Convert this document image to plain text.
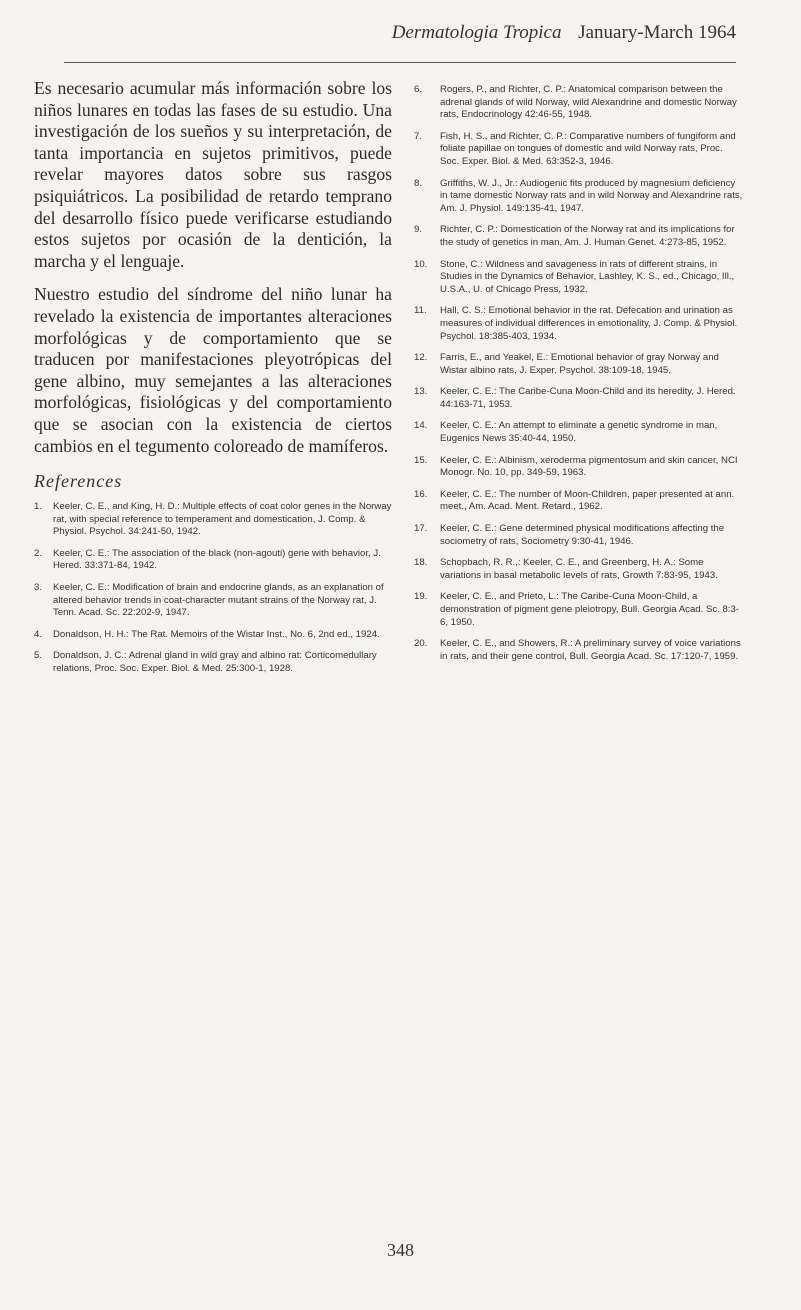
Dermatologia Tropica January-March 1964

Es necesario acumular más información sobre los niños lunares en todas las fases de su estudio. Una investigación de los sueños y su interpretación, de tanta importancia en sujetos primitivos, puede revelar mayores datos sobre sus rasgos psiquiátricos. La posibilidad de retardo temprano del desarrollo físico puede verificarse estudiando estos sujetos por ocasión de la dentición, la marcha y el lenguaje.

Nuestro estudio del síndrome del niño lunar ha revelado la existencia de importantes alteraciones morfológicas y de comportamiento que se traducen por manifestaciones pleyotrópicas del gene albino, muy semejantes a las alteraciones morfológicas, fisiológicas y del comportamiento que se asocian con la existencia de ciertos cambios en el tegumento coloreado de mamíferos.

References
1.	Keeler, C. E., and King, H. D.: Multiple effects of coat color genes in the Norway rat, with special reference to temperament and domestication, J. Comp. & Physiol. Psychol. 34:241-50, 1942.
2.	Keeler, C. E.: The association of the black (non-agouti) gene with behavior, J. Hered. 33:371-84, 1942.
3.	Keeler, C. E.: Modification of brain and endocrine glands, as an explanation of altered behavior trends in coat-character mutant strains of the Norway rat, J. Tenn. Acad. Sc. 22:202-9, 1947.
4.	Donaldson, H. H.: The Rat. Memoirs of the Wistar Inst., No. 6, 2nd ed., 1924.
5.	Donaldson, J. C.: Adrenal gland in wild gray and albino rat: Corticomedullary relations, Proc. Soc. Exper. Biol. & Med. 25:300-1, 1928.
6.	Rogers, P., and Richter, C. P.: Anatomical comparison between the adrenal glands of wild Norway, wild Alexandrine and domestic Norway rats, Endocrinology 42:46-55, 1948.
7.	Fish, H. S., and Richter, C. P.: Comparative numbers of fungiform and foliate papillae on tongues of domestic and wild Norway rats, Proc. Soc. Exper. Biol. & Med. 63:352-3, 1946.
8.	Griffiths, W. J., Jr.: Audiogenic fits produced by magnesium deficiency in tame domestic Norway rats and in wild Norway and Alexandrine rats, Am. J. Physiol. 149:135-41, 1947.
9.	Richter, C. P.: Domestication of the Norway rat and its implications for the study of genetics in man, Am. J. Human Genet. 4:273-85, 1952.
10.	Stone, C.: Wildness and savageness in rats of different strains, in Studies in the Dynamics of Behavior, Lashley, K. S., ed., Chicago, Ill., U.S.A., U. of Chicago Press, 1932.
11.	Hall, C. S.: Emotional behavior in the rat. Defecation and urination as measures of individual differences in emotionality, J. Comp. & Physiol. Psychol. 18:385-403, 1934.
12.	Farris, E., and Yeakel, E.: Emotional behavior of gray Norway and Wistar albino rats, J. Exper. Psychol. 38:109-18, 1945.
13.	Keeler, C. E.: The Caribe-Cuna Moon-Child and its heredity, J. Hered. 44:163-71, 1953.
14.	Keeler, C. E.: An attempt to eliminate a genetic syndrome in man, Eugenics News 35:40-44, 1950.
15.	Keeler, C. E.: Albinism, xeroderma pigmentosum and skin cancer, NCI Monogr. No. 10, pp. 349-59, 1963.
16.	Keeler, C. E.: The number of Moon-Children, paper presented at ann. meet., Am. Acad. Ment. Retard., 1962.
17.	Keeler, C. E.: Gene determined physical modifications affecting the sociometry of rats, Sociometry 9:30-41, 1946.
18.	Schopbach, R. R.,: Keeler, C. E., and Greenberg, H. A.: Some variations in basal metabolic levels of rats, Growth 7:83-95, 1943.
19.	Keeler, C. E., and Prieto, L.: The Caribe-Cuna Moon-Child, a demonstration of pigment gene pleiotropy, Bull. Georgia Acad. Sc. 8:3-6, 1950.
20.	Keeler, C. E., and Showers, R.: A preliminary survey of voice variations in rats, and their gene control, Bull. Georgia Acad. Sc. 17:120-7, 1959.
348
